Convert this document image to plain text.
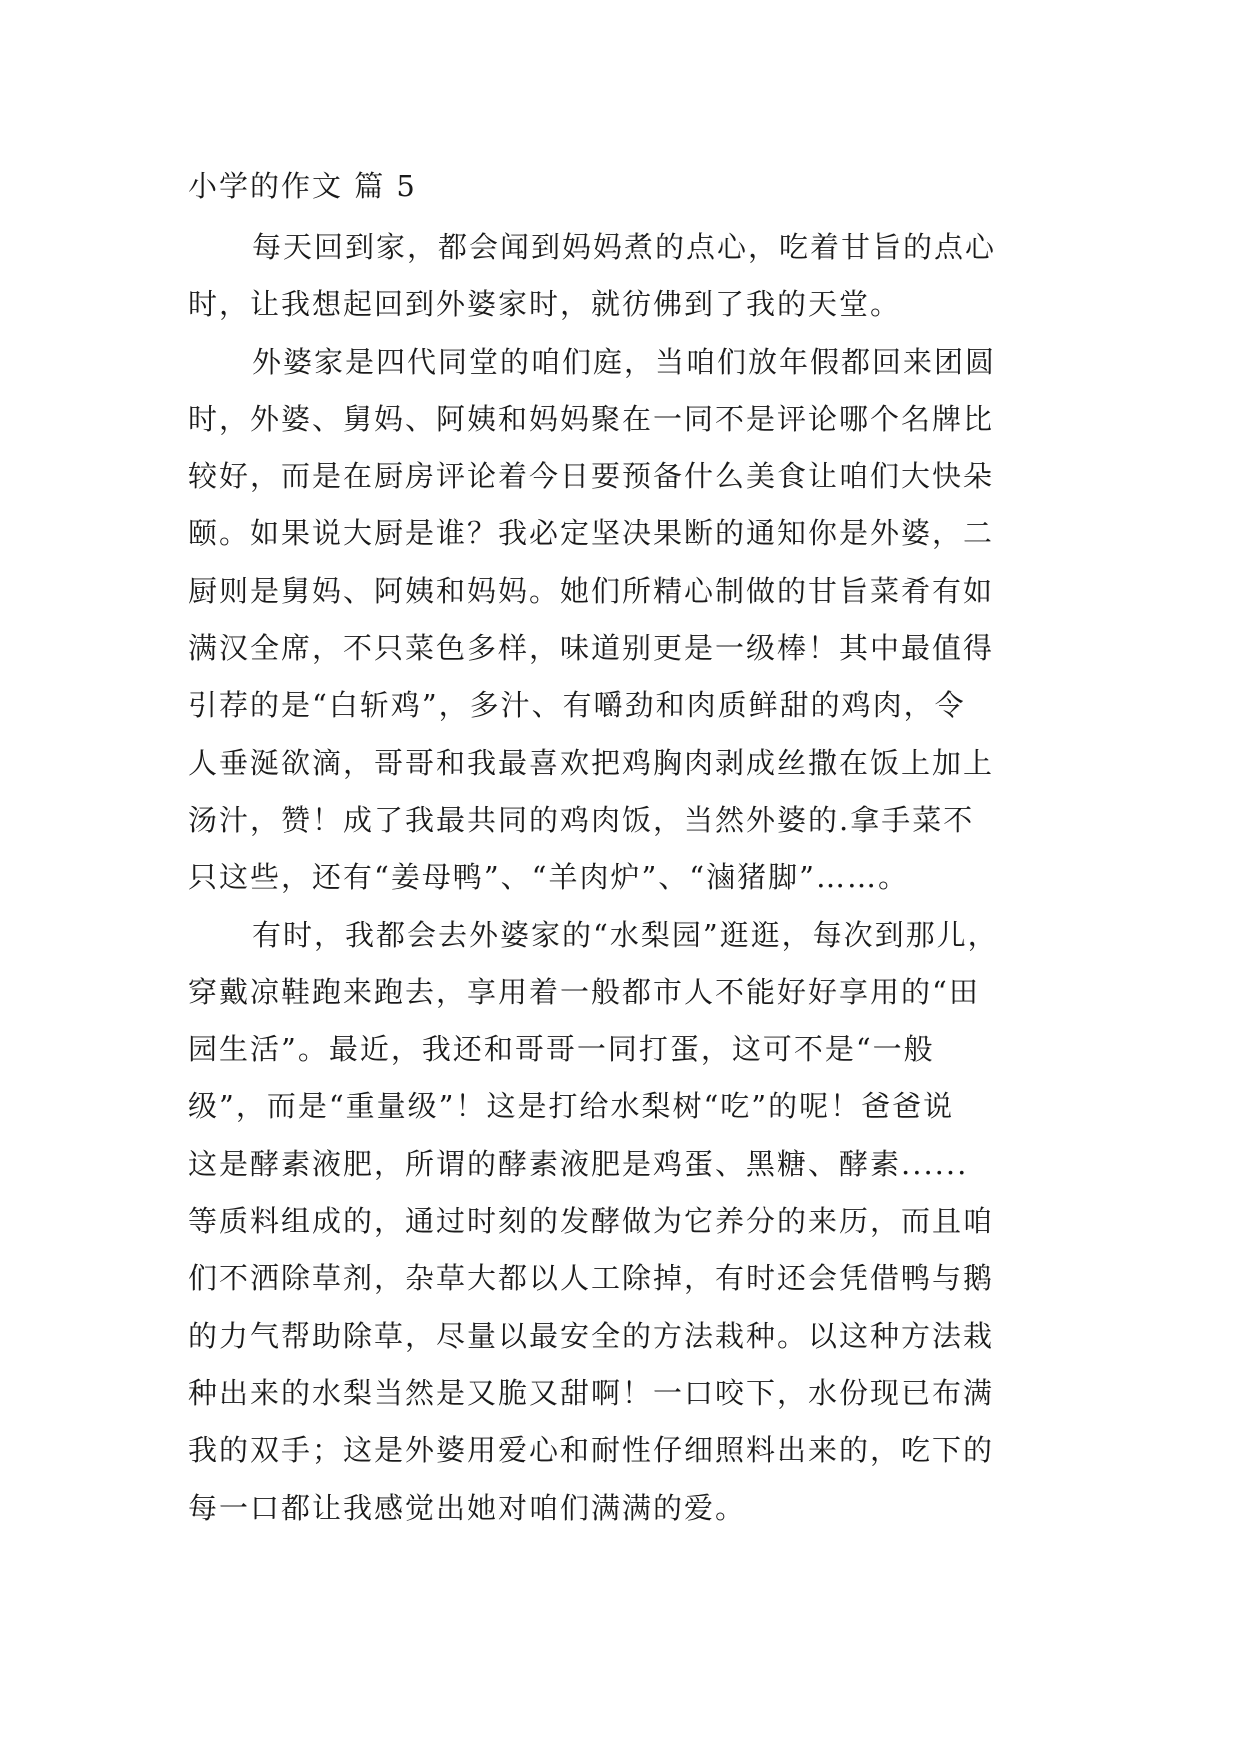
小学的作文 篇 5
每天回到家，都会闻到妈妈煮的点心，吃着甘旨的点心
时，让我想起回到外婆家时，就彷佛到了我的天堂。
外婆家是四代同堂的咱们庭，当咱们放年假都回来团圆
时，外婆、舅妈、阿姨和妈妈聚在一同不是评论哪个名牌比
较好，而是在厨房评论着今日要预备什么美食让咱们大快朵
颐。如果说大厨是谁？我必定坚决果断的通知你是外婆，二
厨则是舅妈、阿姨和妈妈。她们所精心制做的甘旨菜肴有如
满汉全席，不只菜色多样，味道别更是一级棒！其中最值得
引荐的是“白斩鸡”，多汁、有嚼劲和肉质鲜甜的鸡肉，令
人垂涎欲滴，哥哥和我最喜欢把鸡胸肉剥成丝撒在饭上加上
汤汁，赞！成了我最共同的鸡肉饭，当然外婆的.拿手菜不
只这些，还有“姜母鸭”、“羊肉炉”、“滷猪脚”……。
有时，我都会去外婆家的“水梨园”逛逛，每次到那儿，
穿戴凉鞋跑来跑去，享用着一般都市人不能好好享用的“田
园生活”。最近，我还和哥哥一同打蛋，这可不是“一般
级”，而是“重量级”！这是打给水梨树“吃”的呢！爸爸说
这是酵素液肥，所谓的酵素液肥是鸡蛋、黑糖、酵素......
等质料组成的，通过时刻的发酵做为它养分的来历，而且咱
们不洒除草剂，杂草大都以人工除掉，有时还会凭借鸭与鹅
的力气帮助除草，尽量以最安全的方法栽种。以这种方法栽
种出来的水梨当然是又脆又甜啊！一口咬下，水份现已布满
我的双手；这是外婆用爱心和耐性仔细照料出来的，吃下的
每一口都让我感觉出她对咱们满满的爱。
